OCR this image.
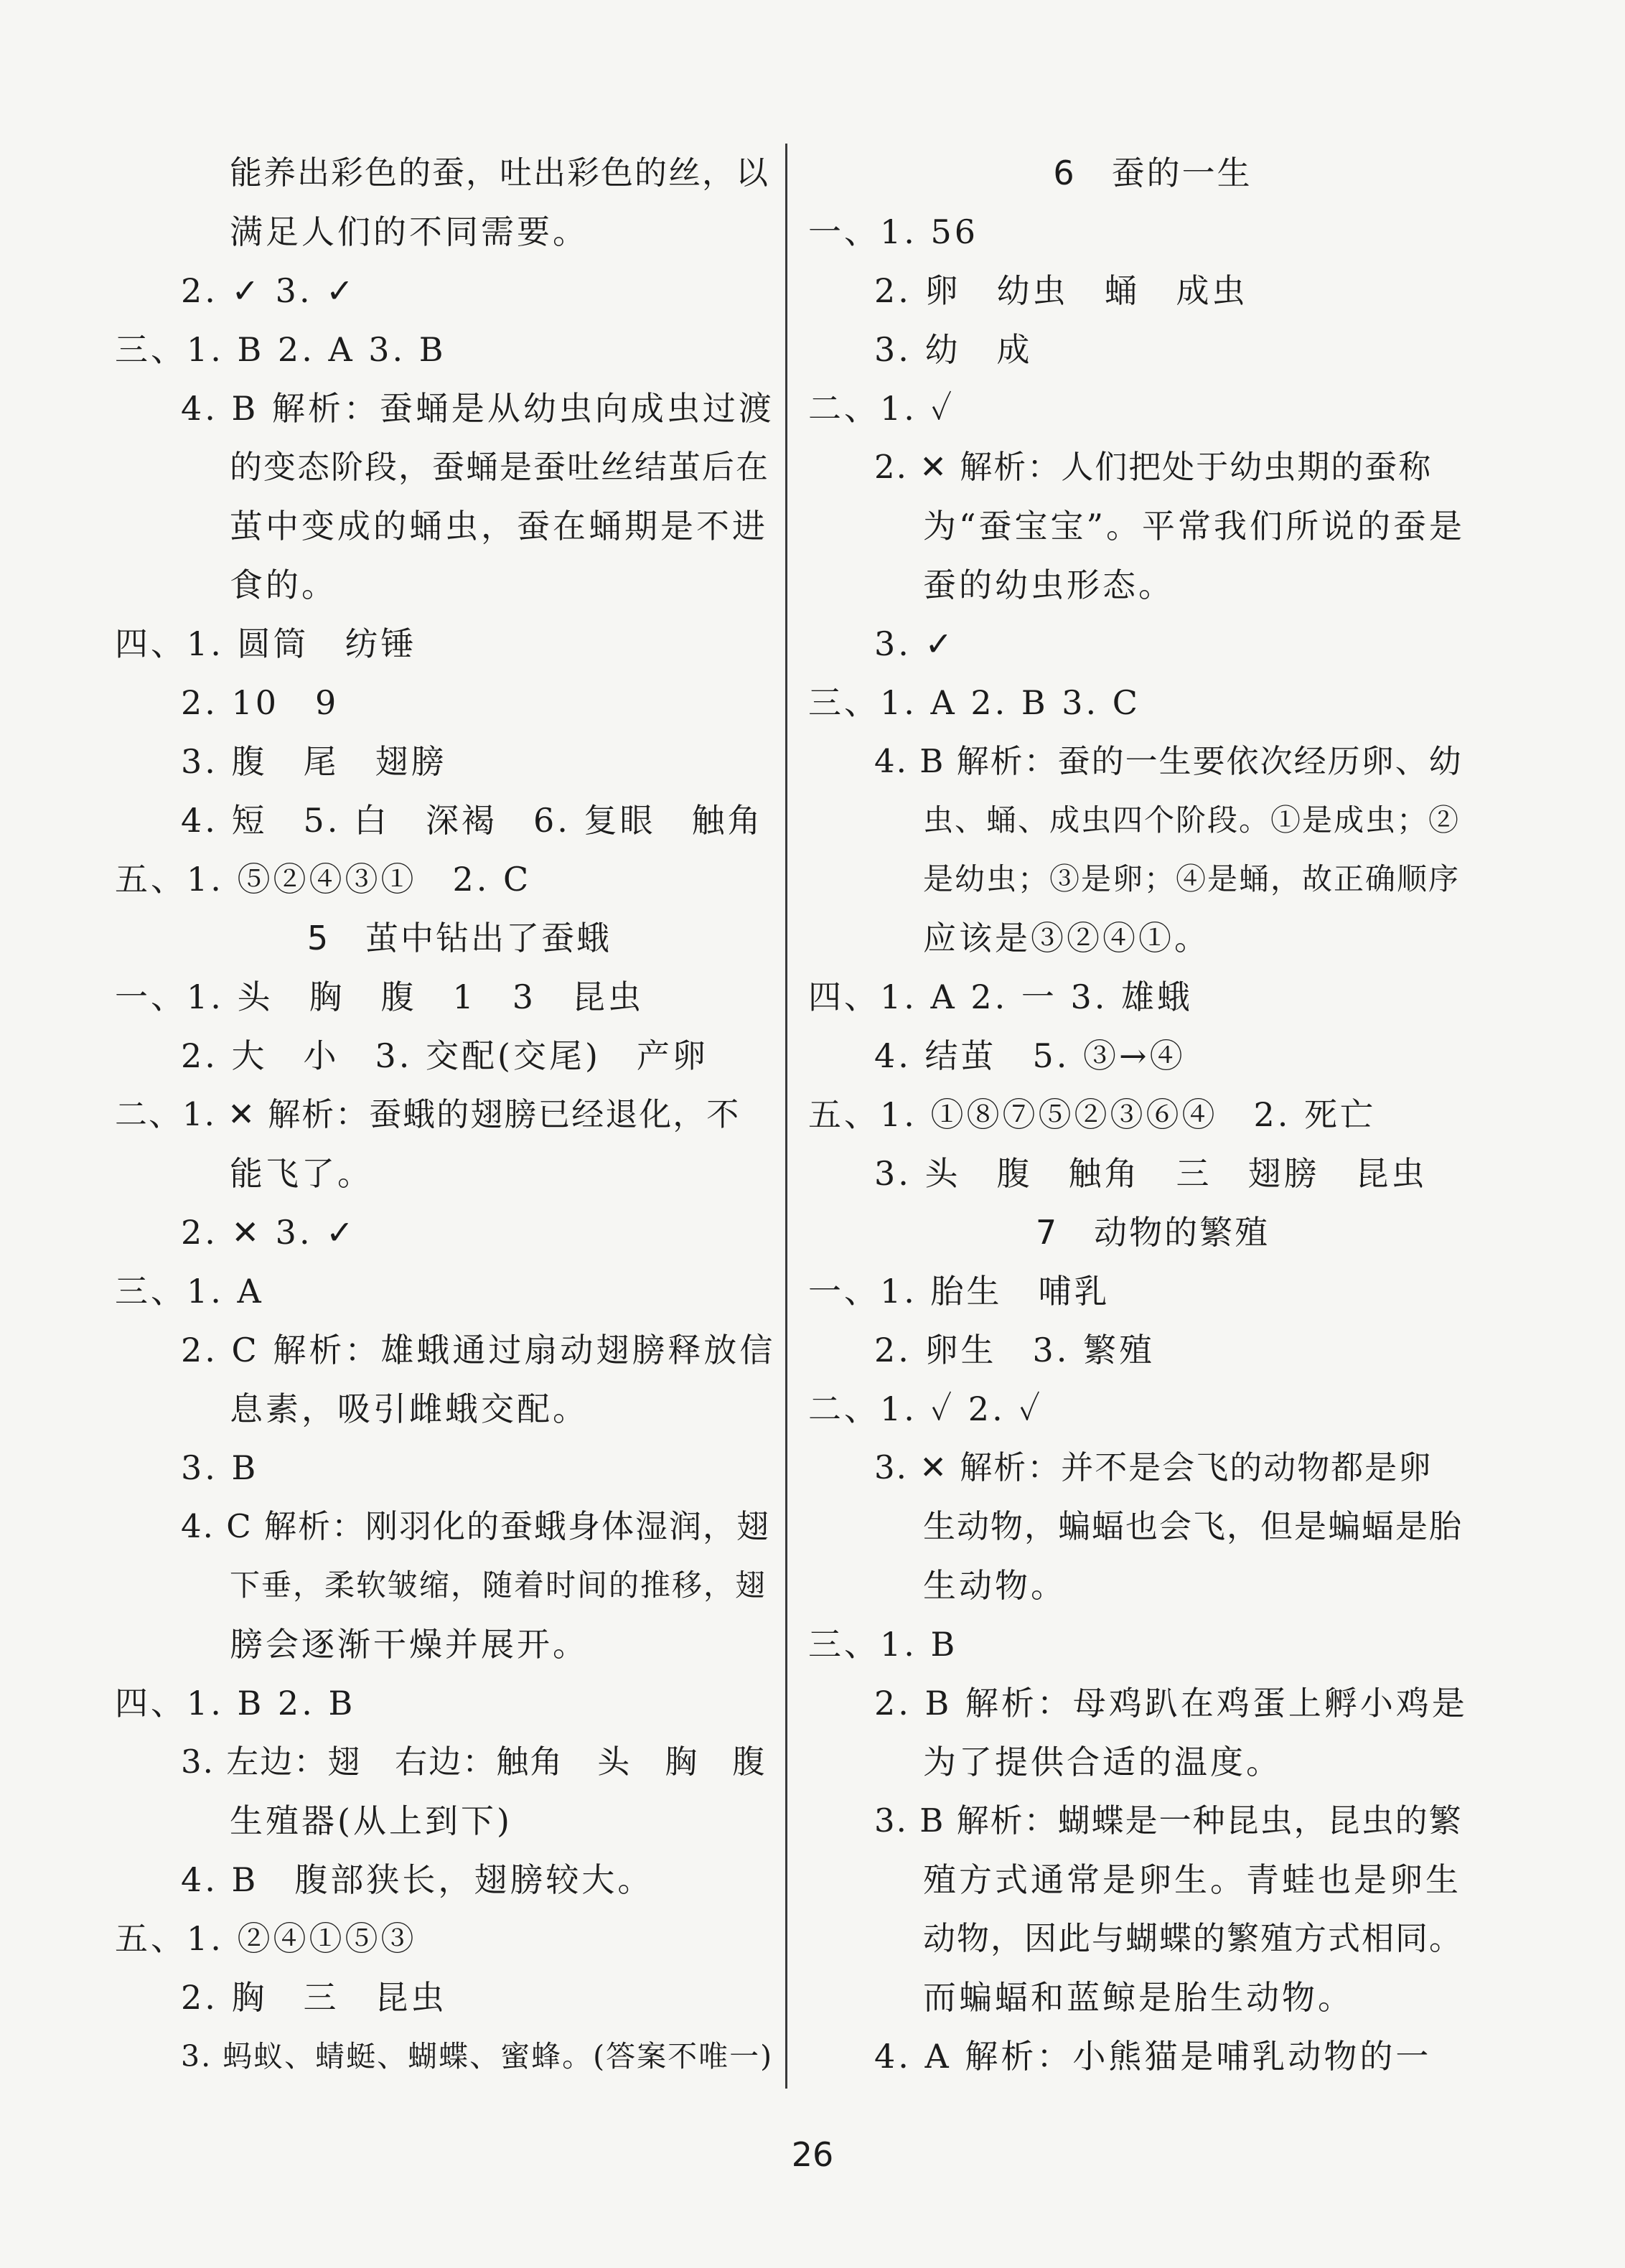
能养出彩色的蚕，吐出彩色的丝，以
满足人们的不同需要。
2. ✓ 3. ✓
三、1. B 2. A 3. B
4. B 解析：蚕蛹是从幼虫向成虫过渡
的变态阶段，蚕蛹是蚕吐丝结茧后在
茧中变成的蛹虫，蚕在蛹期是不进
食的。
四、1. 圆筒　纺锤
2. 10　9
3. 腹　尾　翅膀
4. 短　5. 白　深褐　6. 复眼　触角
五、1. ⑤②④③①　2. C
5　茧中钻出了蚕蛾
一、1. 头　胸　腹　1　3　昆虫
2. 大　小　3. 交配(交尾)　产卵
二、1. ✕ 解析：蚕蛾的翅膀已经退化，不
能飞了。
2. ✕ 3. ✓
三、1. A
2. C 解析：雄蛾通过扇动翅膀释放信
息素，吸引雌蛾交配。
3. B
4. C 解析：刚羽化的蚕蛾身体湿润，翅
下垂，柔软皱缩，随着时间的推移，翅
膀会逐渐干燥并展开。
四、1. B 2. B
3. 左边：翅　右边：触角　头　胸　腹
生殖器(从上到下)
4. B　腹部狭长，翅膀较大。
五、1. ②④①⑤③
2. 胸　三　昆虫
3. 蚂蚁、蜻蜓、蝴蝶、蜜蜂。(答案不唯一)
6　蚕的一生
一、1. 56
2. 卵　幼虫　蛹　成虫
3. 幼　成
二、1. ✓
2. ✕ 解析：人们把处于幼虫期的蚕称
为“蚕宝宝”。平常我们所说的蚕是
蚕的幼虫形态。
3. ✓
三、1. A 2. B 3. C
4. B 解析：蚕的一生要依次经历卵、幼
虫、蛹、成虫四个阶段。①是成虫；②
是幼虫；③是卵；④是蛹，故正确顺序
应该是③②④①。
四、1. A 2. 一 3. 雄蛾
4. 结茧　5. ③→④
五、1. ①⑧⑦⑤②③⑥④　2. 死亡
3. 头　腹　触角　三　翅膀　昆虫
7　动物的繁殖
一、1. 胎生　哺乳
2. 卵生　3. 繁殖
二、1. ✓ 2. ✓
3. ✕ 解析：并不是会飞的动物都是卵
生动物，蝙蝠也会飞，但是蝙蝠是胎
生动物。
三、1. B
2. B 解析：母鸡趴在鸡蛋上孵小鸡是
为了提供合适的温度。
3. B 解析：蝴蝶是一种昆虫，昆虫的繁
殖方式通常是卵生。青蛙也是卵生
动物，因此与蝴蝶的繁殖方式相同。
而蝙蝠和蓝鲸是胎生动物。
4. A 解析：小熊猫是哺乳动物的一
26
